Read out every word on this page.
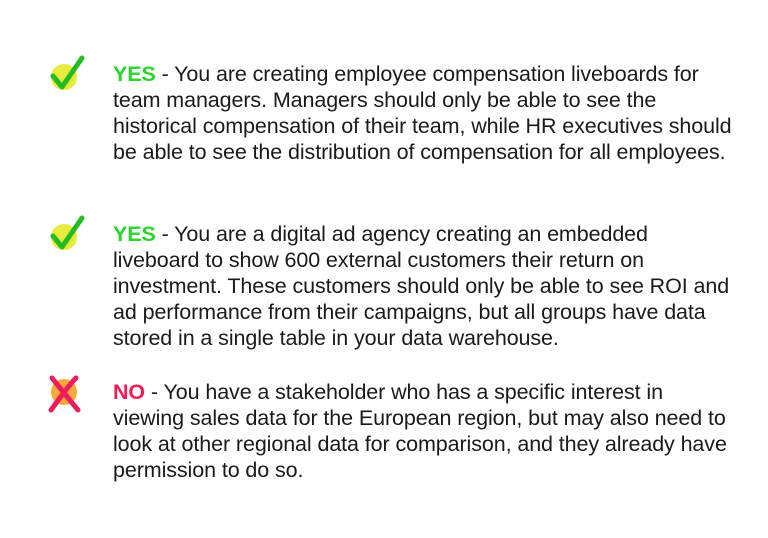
YES - You are creating employee compensation liveboards for team managers. Managers should only be able to see the historical compensation of their team, while HR executives should be able to see the distribution of compensation for all employees.
YES - You are a digital ad agency creating an embedded liveboard to show 600 external customers their return on investment. These customers should only be able to see ROI and ad performance from their campaigns, but all groups have data stored in a single table in your data warehouse.
NO - You have a stakeholder who has a specific interest in viewing sales data for the European region, but may also need to look at other regional data for comparison, and they already have permission to do so.
